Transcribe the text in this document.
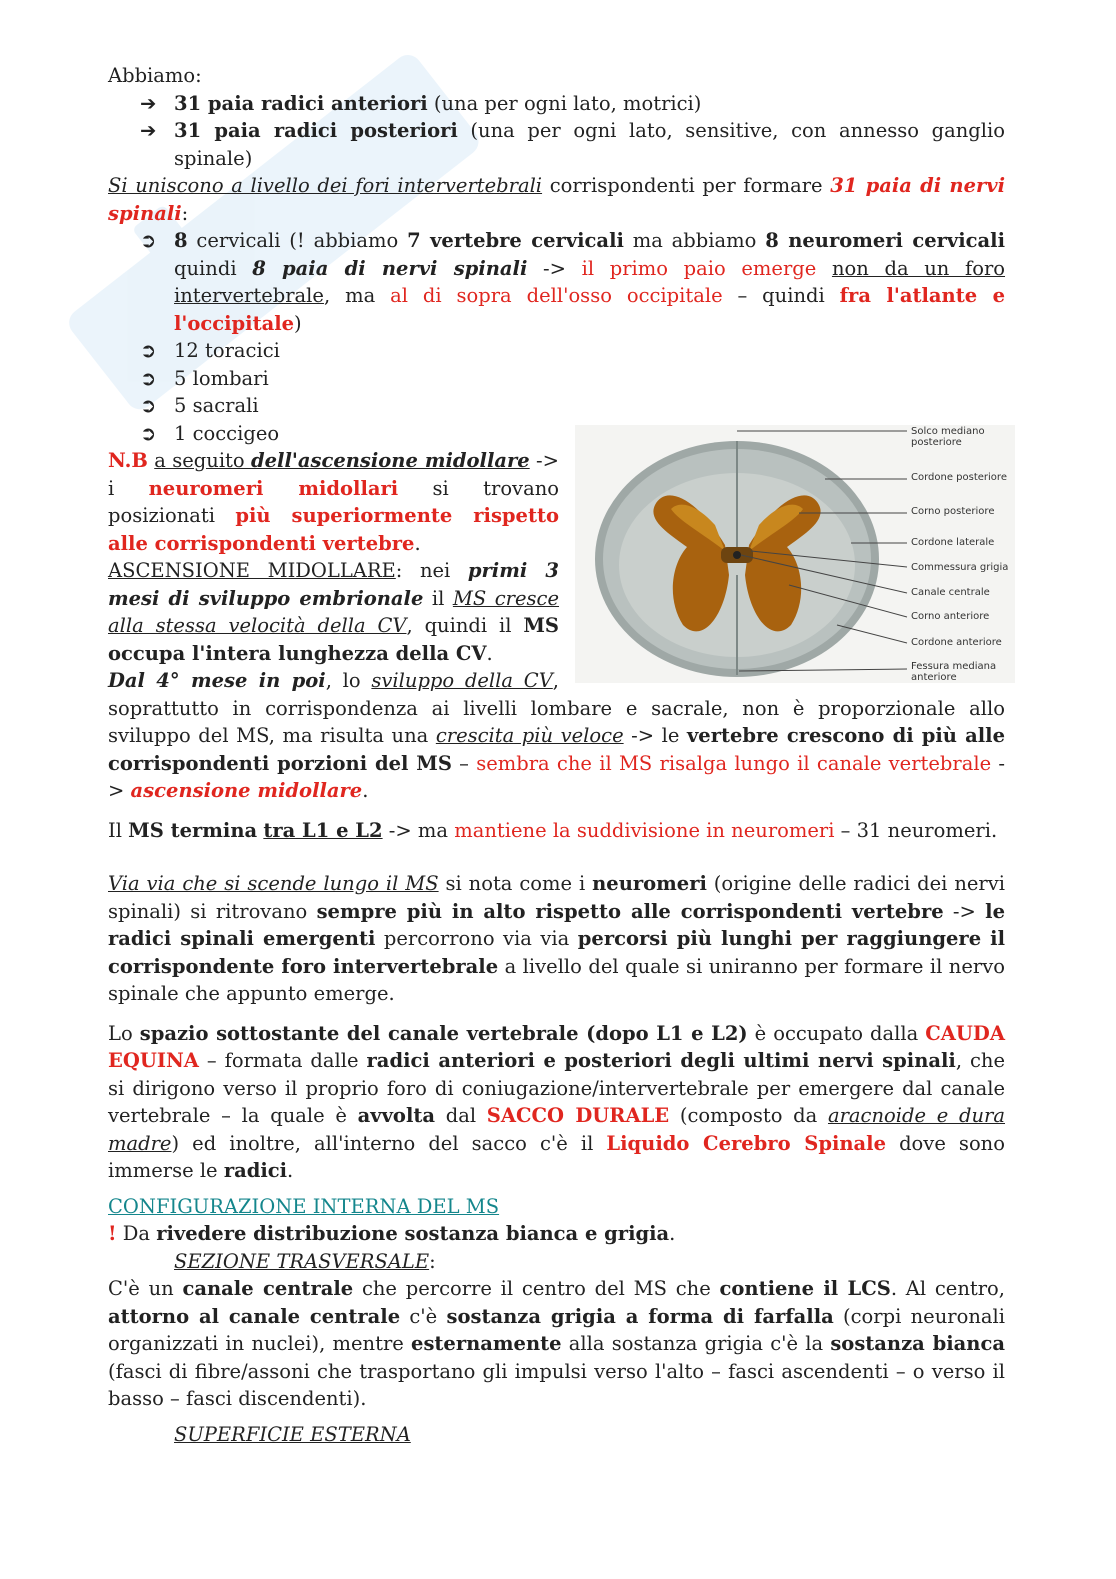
Abbiamo:

➔ 31 paia radici anteriori (una per ogni lato, motrici)
➔ 31 paia radici posteriori (una per ogni lato, sensitive, con annesso ganglio spinale)

Si uniscono a livello dei fori intervertebrali corrispondenti per formare 31 paia di nervi spinali:

➲ 8 cervicali (! abbiamo 7 vertebre cervicali ma abbiamo 8 neuromeri cervicali quindi 8 paia di nervi spinali -> il primo paio emerge non da un foro intervertebrale, ma al di sopra dell'osso occipitale – quindi fra l'atlante e l'occipitale)
➲ 12 toracici
➲ 5 lombari
➲ 5 sacrali
➲ 1 coccigeo	Solco mediano
posteriore
Cordone posteriore
Corno posteriore
Cordone laterale
Commessura grigia
Canale centrale
Corno anteriore
Cordone anteriore
Fessura mediana
anteriore

N.B a seguito dell'ascensione midollare -> i neuromeri midollari si trovano posizionati più superiormente rispetto alle corrispondenti vertebre.

ASCENSIONE MIDOLLARE: nei primi 3 mesi di sviluppo embrionale il MS cresce alla stessa velocità della CV, quindi il MS occupa l'intera lunghezza della CV.

Dal 4° mese in poi, lo sviluppo della CV, soprattutto in corrispondenza ai livelli lombare e sacrale, non è proporzionale allo sviluppo del MS, ma risulta una crescita più veloce -> le vertebre crescono di più alle corrispondenti porzioni del MS – sembra che il MS risalga lungo il canale vertebrale -> ascensione midollare.

Il MS termina tra L1 e L2 -> ma mantiene la suddivisione in neuromeri – 31 neuromeri.

Via via che si scende lungo il MS si nota come i neuromeri (origine delle radici dei nervi spinali) si ritrovano sempre più in alto rispetto alle corrispondenti vertebre -> le radici spinali emergenti percorrono via via percorsi più lunghi per raggiungere il corrispondente foro intervertebrale a livello del quale si uniranno per formare il nervo spinale che appunto emerge.

Lo spazio sottostante del canale vertebrale (dopo L1 e L2) è occupato dalla CAUDA EQUINA – formata dalle radici anteriori e posteriori degli ultimi nervi spinali, che si dirigono verso il proprio foro di coniugazione/intervertebrale per emergere dal canale vertebrale – la quale è avvolta dal SACCO DURALE (composto da aracnoide e dura madre) ed inoltre, all'interno del sacco c'è il Liquido Cerebro Spinale dove sono immerse le radici.

CONFIGURAZIONE INTERNA DEL MS

! Da rivedere distribuzione sostanza bianca e grigia.

SEZIONE TRASVERSALE:

C'è un canale centrale che percorre il centro del MS che contiene il LCS. Al centro, attorno al canale centrale c'è sostanza grigia a forma di farfalla (corpi neuronali organizzati in nuclei), mentre esternamente alla sostanza grigia c'è la sostanza bianca (fasci di fibre/assoni che trasportano gli impulsi verso l'alto – fasci ascendenti – o verso il basso – fasci discendenti).

SUPERFICIE ESTERNA
